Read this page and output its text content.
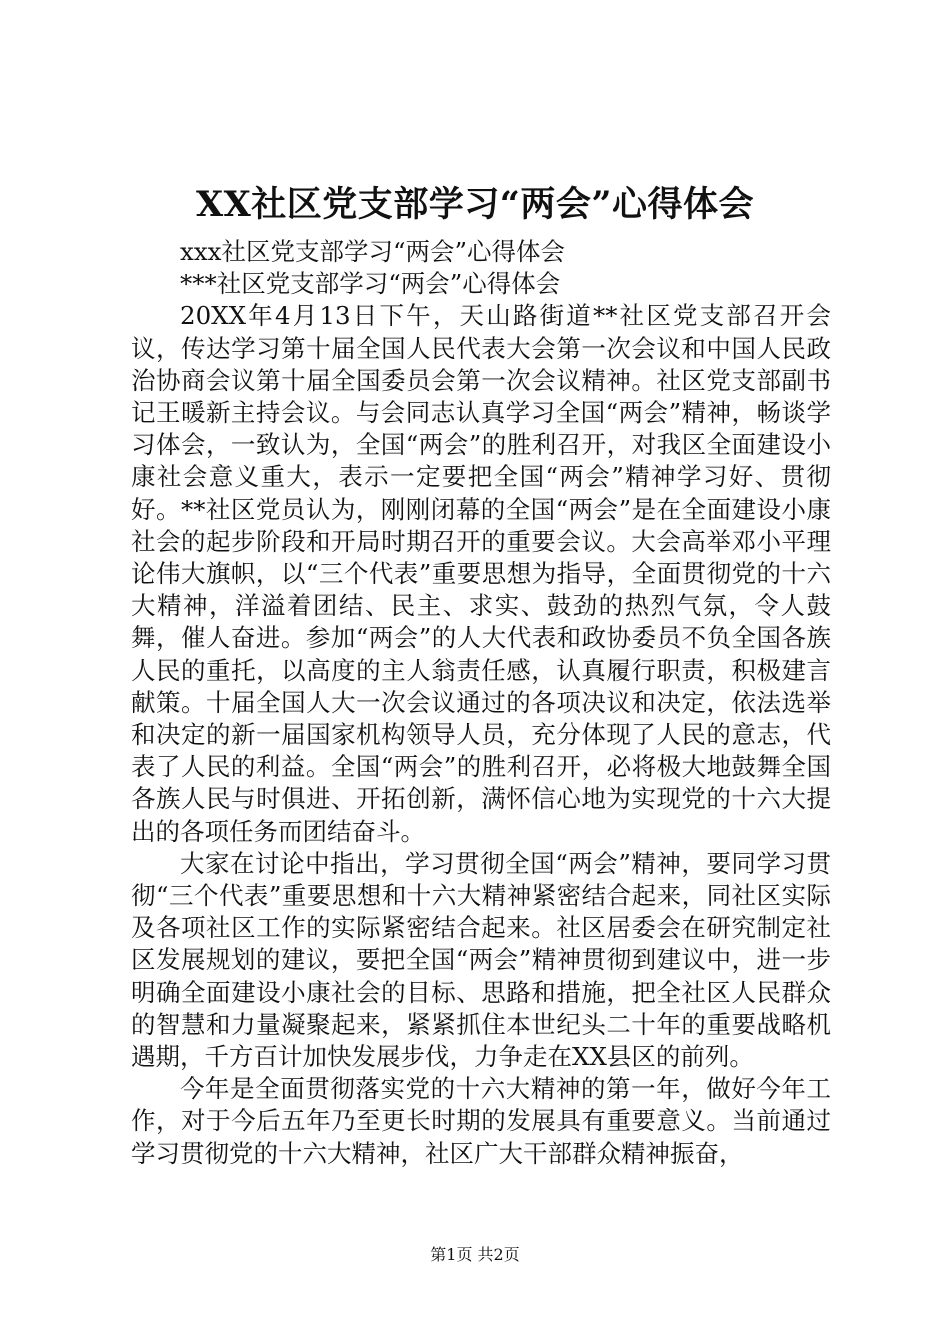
XX社区党支部学习“两会”心得体会

xxx社区党支部学习“两会”心得体会

***社区党支部学习“两会”心得体会

20XX年4月13日下午，天山路街道**社区党支部召开会议，传达学习第十届全国人民代表大会第一次会议和中国人民政治协商会议第十届全国委员会第一次会议精神。社区党支部副书记王暖新主持会议。与会同志认真学习全国“两会”精神，畅谈学习体会，一致认为，全国“两会”的胜利召开，对我区全面建设小康社会意义重大，表示一定要把全国“两会”精神学习好、贯彻好。**社区党员认为，刚刚闭幕的全国“两会”是在全面建设小康社会的起步阶段和开局时期召开的重要会议。大会高举邓小平理论伟大旗帜，以“三个代表”重要思想为指导，全面贯彻党的十六大精神，洋溢着团结、民主、求实、鼓劲的热烈气氛，令人鼓舞，催人奋进。参加“两会”的人大代表和政协委员不负全国各族人民的重托，以高度的主人翁责任感，认真履行职责，积极建言献策。十届全国人大一次会议通过的各项决议和决定，依法选举和决定的新一届国家机构领导人员，充分体现了人民的意志，代表了人民的利益。全国“两会”的胜利召开，必将极大地鼓舞全国各族人民与时俱进、开拓创新，满怀信心地为实现党的十六大提出的各项任务而团结奋斗。

大家在讨论中指出，学习贯彻全国“两会”精神，要同学习贯彻“三个代表”重要思想和十六大精神紧密结合起来，同社区实际及各项社区工作的实际紧密结合起来。社区居委会在研究制定社区发展规划的建议，要把全国“两会”精神贯彻到建议中，进一步明确全面建设小康社会的目标、思路和措施，把全社区人民群众的智慧和力量凝聚起来，紧紧抓住本世纪头二十年的重要战略机遇期，千方百计加快发展步伐，力争走在XX县区的前列。

今年是全面贯彻落实党的十六大精神的第一年，做好今年工作，对于今后五年乃至更长时期的发展具有重要意义。当前通过学习贯彻党的十六大精神，社区广大干部群众精神振奋，

第1页 共2页
